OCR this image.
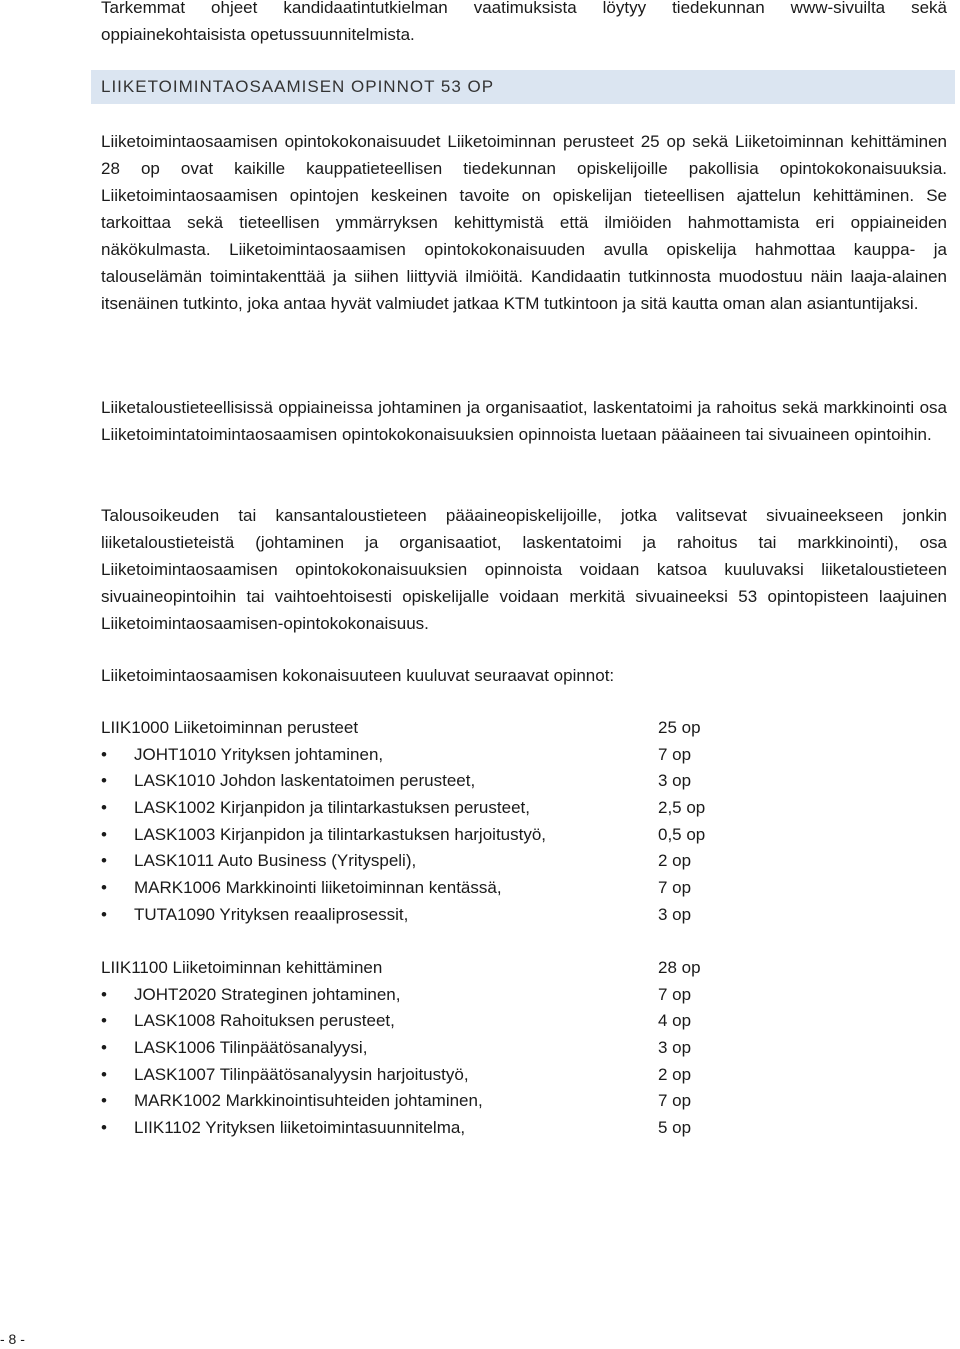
Tarkemmat ohjeet kandidaatintutkielman vaatimuksista löytyy tiedekunnan www-sivuilta sekä oppiainekohtaisista opetussuunnitelmista.

LIIKETOIMINTAOSAAMISEN OPINNOT 53 OP

Liiketoimintaosaamisen opintokokonaisuudet Liiketoiminnan perusteet 25 op sekä Liiketoiminnan kehittäminen 28 op ovat kaikille kauppatieteellisen tiedekunnan opiskelijoille pakollisia opintokokonaisuuksia. Liiketoimintaosaamisen opintojen keskeinen tavoite on opiskelijan tieteellisen ajattelun kehittäminen. Se tarkoittaa sekä tieteellisen ymmärryksen kehittymistä että ilmiöiden hahmottamista eri oppiaineiden näkökulmasta. Liiketoimintaosaamisen opintokokonaisuuden avulla opiskelija hahmottaa kauppa- ja talouselämän toimintakenttää ja siihen liittyviä ilmiöitä. Kandidaatin tutkinnosta muodostuu näin laaja-alainen itsenäinen tutkinto, joka antaa hyvät valmiudet jatkaa KTM tutkintoon ja sitä kautta oman alan asiantuntijaksi.

Liiketaloustieteellisissä oppiaineissa johtaminen ja organisaatiot, laskentatoimi ja rahoitus sekä markkinointi osa Liiketoimintatoimintaosaamisen opintokokonaisuuksien opinnoista luetaan pääaineen tai sivuaineen opintoihin.

Talousoikeuden tai kansantaloustieteen pääaineopiskelijoille, jotka valitsevat sivuaineekseen jonkin liiketaloustieteistä (johtaminen ja organisaatiot, laskentatoimi ja rahoitus tai markkinointi), osa Liiketoimintaosaamisen opintokokonaisuuksien opinnoista voidaan katsoa kuuluvaksi liiketaloustieteen sivuaineopintoihin tai vaihtoehtoisesti opiskelijalle voidaan merkitä sivuaineeksi 53 opintopisteen laajuinen Liiketoimintaosaamisen-opintokokonaisuus.

Liiketoimintaosaamisen kokonaisuuteen kuuluvat seuraavat opinnot:

LIIK1000 Liiketoiminnan perusteet	25 op
•	JOHT1010 Yrityksen johtaminen,	7 op
•	LASK1010 Johdon laskentatoimen perusteet,	3 op
•	LASK1002 Kirjanpidon ja tilintarkastuksen perusteet,	2,5 op
•	LASK1003 Kirjanpidon ja tilintarkastuksen harjoitustyö,	0,5 op
•	LASK1011 Auto Business (Yrityspeli),	2 op
•	MARK1006 Markkinointi liiketoiminnan kentässä,	7 op
•	TUTA1090 Yrityksen reaaliprosessit,	3 op
LIIK1100 Liiketoiminnan kehittäminen	28 op
•	JOHT2020 Strateginen johtaminen,	7 op
•	LASK1008 Rahoituksen perusteet,	4 op
•	LASK1006 Tilinpäätösanalyysi,	3 op
•	LASK1007 Tilinpäätösanalyysin harjoitustyö,	2 op
•	MARK1002 Markkinointisuhteiden johtaminen,	7 op
•	LIIK1102 Yrityksen liiketoimintasuunnitelma,	5 op
- 8 -
